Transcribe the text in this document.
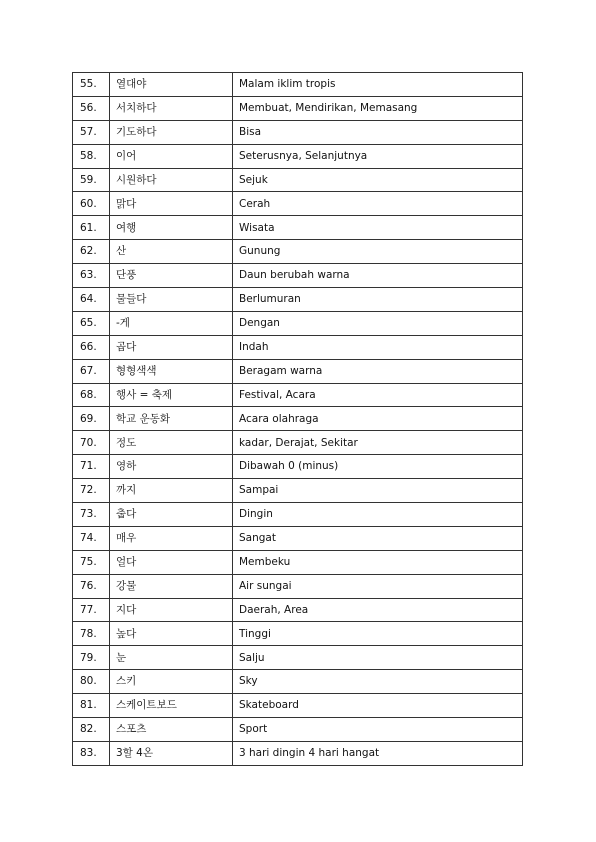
55.	열대야	Malam iklim tropis
56.	서치하다	Membuat, Mendirikan, Memasang
57.	기도하다	Bisa
58.	이어	Seterusnya, Selanjutnya
59.	시원하다	Sejuk
60.	맑다	Cerah
61.	여행	Wisata
62.	산	Gunung
63.	단풍	Daun berubah warna
64.	물들다	Berlumuran
65.	-게	Dengan
66.	곱다	Indah
67.	형형색색	Beragam warna
68.	행사 = 축제	Festival, Acara
69.	학교 운동화	Acara olahraga
70.	정도	kadar, Derajat, Sekitar
71.	영하	Dibawah 0 (minus)
72.	까지	Sampai
73.	춥다	Dingin
74.	매우	Sangat
75.	얼다	Membeku
76.	강물	Air sungai
77.	지다	Daerah, Area
78.	높다	Tinggi
79.	눈	Salju
80.	스키	Sky
81.	스케이트보드	Skateboard
82.	스포츠	Sport
83.	3할 4온	3 hari dingin 4 hari hangat
